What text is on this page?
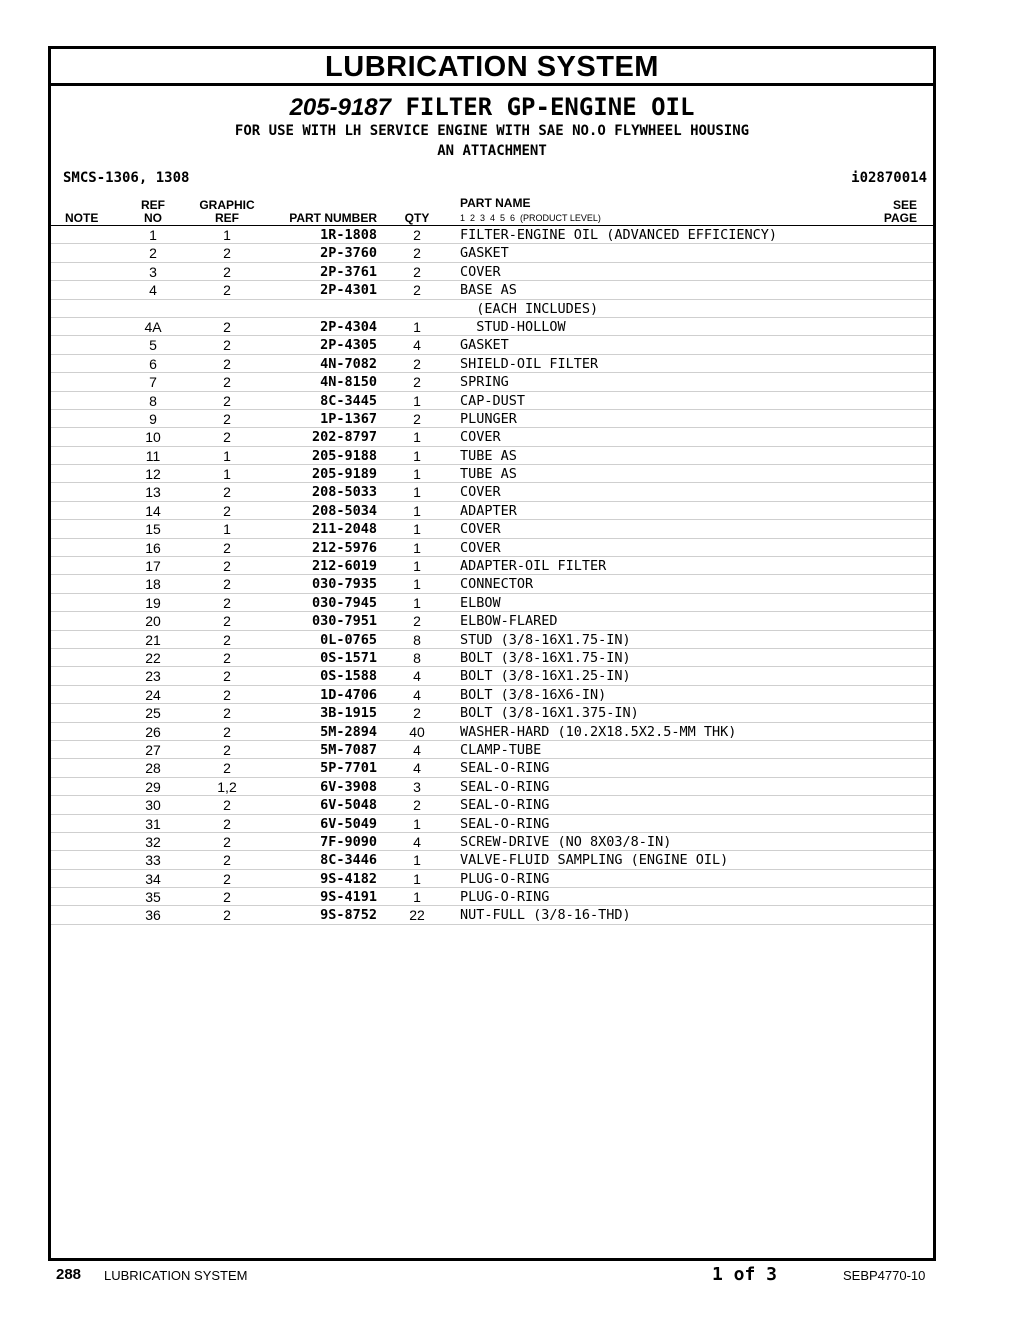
LUBRICATION SYSTEM
205-9187 FILTER GP-ENGINE OIL
FOR USE WITH LH SERVICE ENGINE WITH SAE NO.O FLYWHEEL HOUSING
AN ATTACHMENT
SMCS-1306, 1308	i02870014
NOTE
REF
NO
GRAPHIC
REF	PART NUMBER	QTY
PART NAME
1  2  3  4  5  6  (PRODUCT LEVEL)
SEE
PAGE
1	1	1R-1808	2	FILTER-ENGINE OIL (ADVANCED EFFICIENCY)
2	2	2P-3760	2	GASKET
3	2	2P-3761	2	COVER
4	2	2P-4301	2	BASE AS
(EACH INCLUDES)
4A	2	2P-4304	1	STUD-HOLLOW
5	2	2P-4305	4	GASKET
6	2	4N-7082	2	SHIELD-OIL FILTER
7	2	4N-8150	2	SPRING
8	2	8C-3445	1	CAP-DUST
9	2	1P-1367	2	PLUNGER
10	2	202-8797	1	COVER
11	1	205-9188	1	TUBE AS
12	1	205-9189	1	TUBE AS
13	2	208-5033	1	COVER
14	2	208-5034	1	ADAPTER
15	1	211-2048	1	COVER
16	2	212-5976	1	COVER
17	2	212-6019	1	ADAPTER-OIL FILTER
18	2	030-7935	1	CONNECTOR
19	2	030-7945	1	ELBOW
20	2	030-7951	2	ELBOW-FLARED
21	2	0L-0765	8	STUD (3/8-16X1.75-IN)
22	2	0S-1571	8	BOLT (3/8-16X1.75-IN)
23	2	0S-1588	4	BOLT (3/8-16X1.25-IN)
24	2	1D-4706	4	BOLT (3/8-16X6-IN)
25	2	3B-1915	2	BOLT (3/8-16X1.375-IN)
26	2	5M-2894	40	WASHER-HARD (10.2X18.5X2.5-MM THK)
27	2	5M-7087	4	CLAMP-TUBE
28	2	5P-7701	4	SEAL-O-RING
29	1,2	6V-3908	3	SEAL-O-RING
30	2	6V-5048	2	SEAL-O-RING
31	2	6V-5049	1	SEAL-O-RING
32	2	7F-9090	4	SCREW-DRIVE (NO 8X03/8-IN)
33	2	8C-3446	1	VALVE-FLUID SAMPLING (ENGINE OIL)
34	2	9S-4182	1	PLUG-O-RING
35	2	9S-4191	1	PLUG-O-RING
36	2	9S-8752	22	NUT-FULL (3/8-16-THD)
288 LUBRICATION SYSTEM	1 of 3	SEBP4770-10
